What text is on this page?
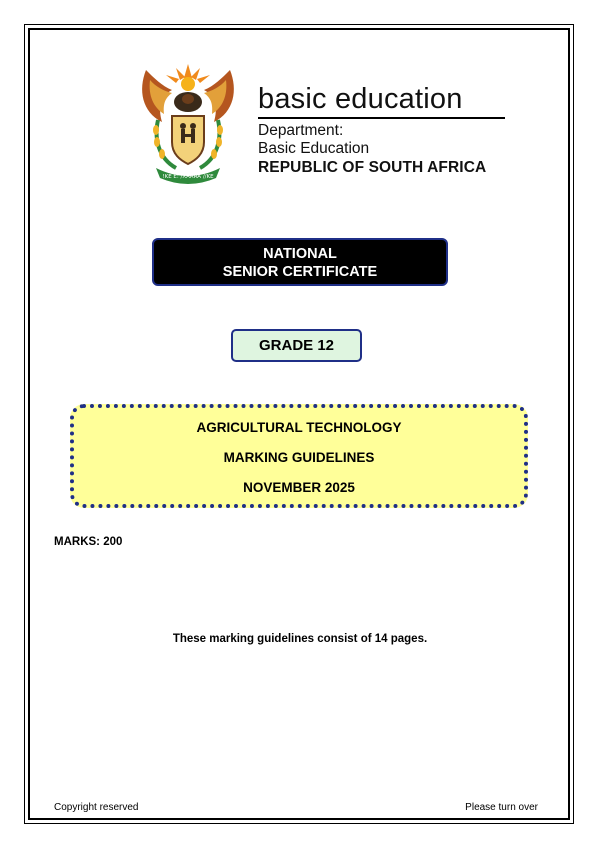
!KE E: /XARRA //KE
basic education
Department:
Basic Education
REPUBLIC OF SOUTH AFRICA
NATIONAL
SENIOR CERTIFICATE
GRADE 12
AGRICULTURAL TECHNOLOGY
MARKING GUIDELINES
NOVEMBER 2025
MARKS: 200
These marking guidelines consist of 14 pages.
Copyright reserved	Please turn over
